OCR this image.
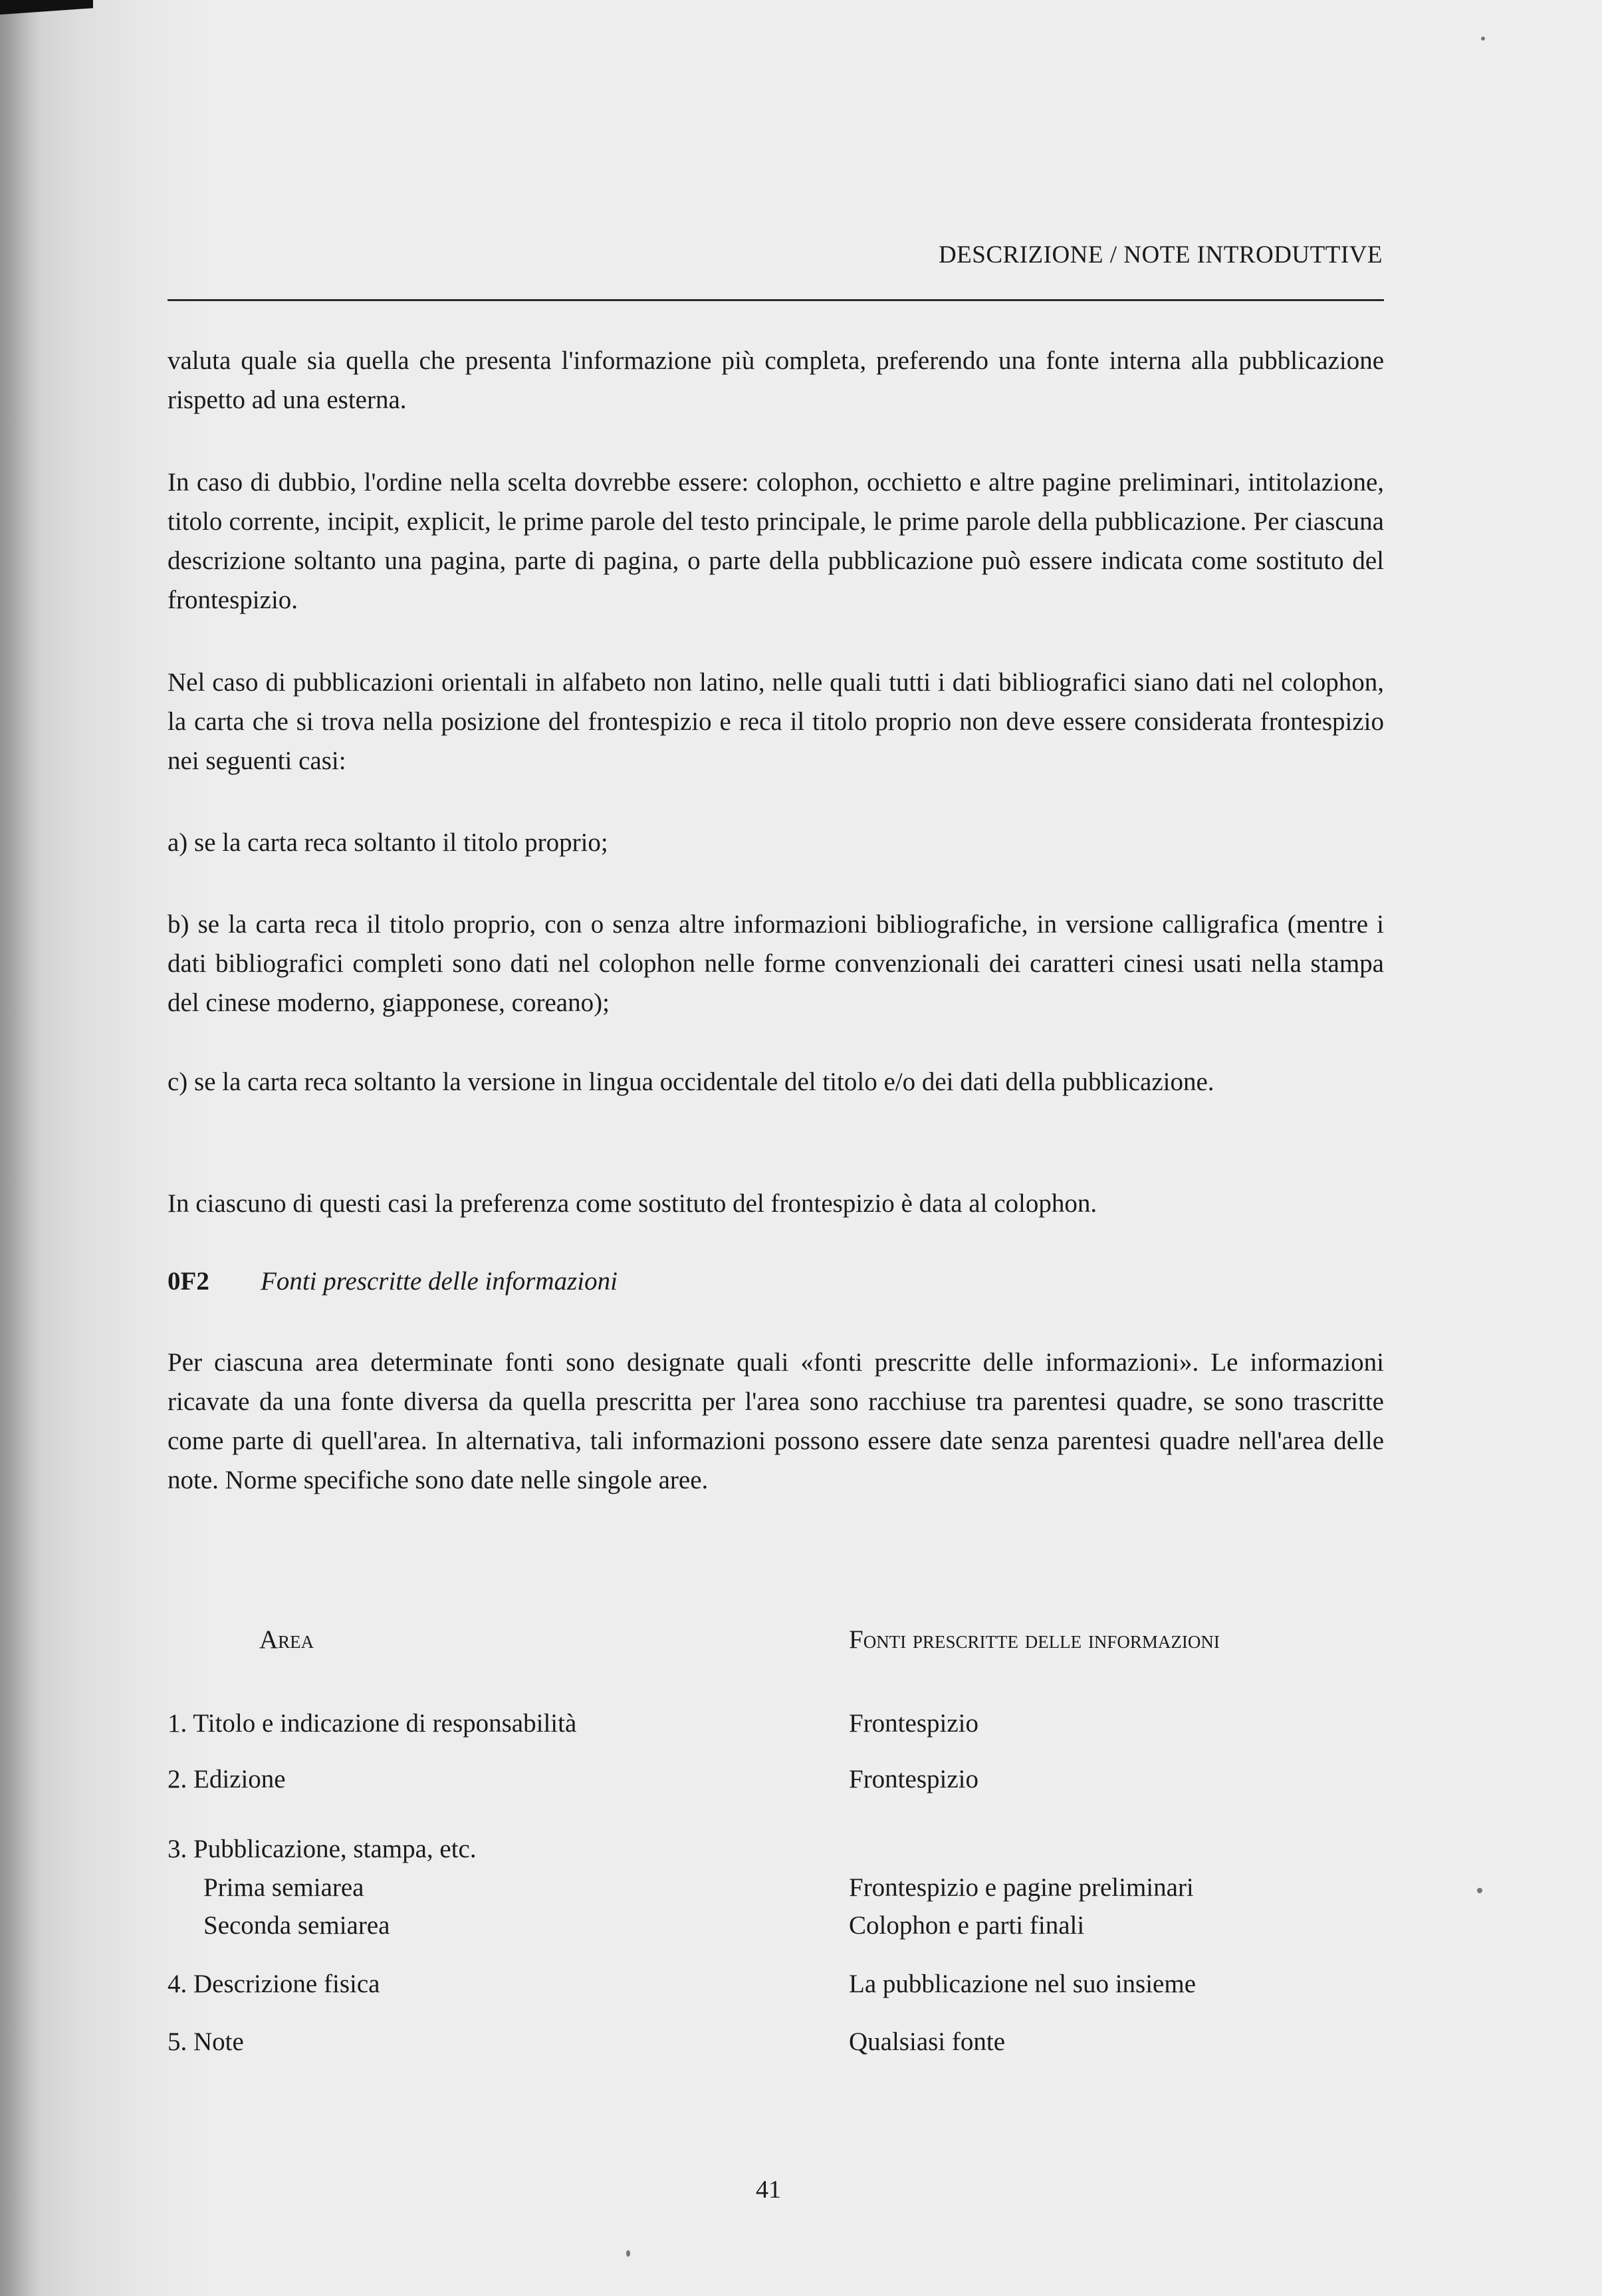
DESCRIZIONE / NOTE INTRODUTTIVE
valuta quale sia quella che presenta l'informazione più completa, preferendo una fonte interna alla pubblicazione rispetto ad una esterna.
In caso di dubbio, l'ordine nella scelta dovrebbe essere: colophon, occhietto e altre pagine preliminari, intitolazione, titolo corrente, incipit, explicit, le prime parole del testo principale, le prime parole della pubblicazione. Per ciascuna descrizione soltanto una pagina, parte di pagina, o parte della pubblicazione può essere indicata come sostituto del frontespizio.
Nel caso di pubblicazioni orientali in alfabeto non latino, nelle quali tutti i dati bibliografici siano dati nel colophon, la carta che si trova nella posizione del frontespizio e reca il titolo proprio non deve essere considerata frontespizio nei seguenti casi:
a) se la carta reca soltanto il titolo proprio;
b) se la carta reca il titolo proprio, con o senza altre informazioni bibliografiche, in versione calligrafica (mentre i dati bibliografici completi sono dati nel colophon nelle forme convenzionali dei caratteri cinesi usati nella stampa del cinese moderno, giapponese, coreano);
c) se la carta reca soltanto la versione in lingua occidentale del titolo e/o dei dati della pubblicazione.
In ciascuno di questi casi la preferenza come sostituto del frontespizio è data al colophon.
0F2 Fonti prescritte delle informazioni
Per ciascuna area determinate fonti sono designate quali «fonti prescritte delle informazioni». Le informazioni ricavate da una fonte diversa da quella prescritta per l'area sono racchiuse tra parentesi quadre, se sono trascritte come parte di quell'area. In alternativa, tali informazioni possono essere date senza parentesi quadre nell'area delle note. Norme specifiche sono date nelle singole aree.
Area	Fonti prescritte delle informazioni
1. Titolo e indicazione di responsabilità	Frontespizio
2. Edizione	Frontespizio
3. Pubblicazione, stampa, etc.
Prima semiarea	Frontespizio e pagine preliminari
Seconda semiarea	Colophon e parti finali
4. Descrizione fisica	La pubblicazione nel suo insieme
5. Note	Qualsiasi fonte
41
